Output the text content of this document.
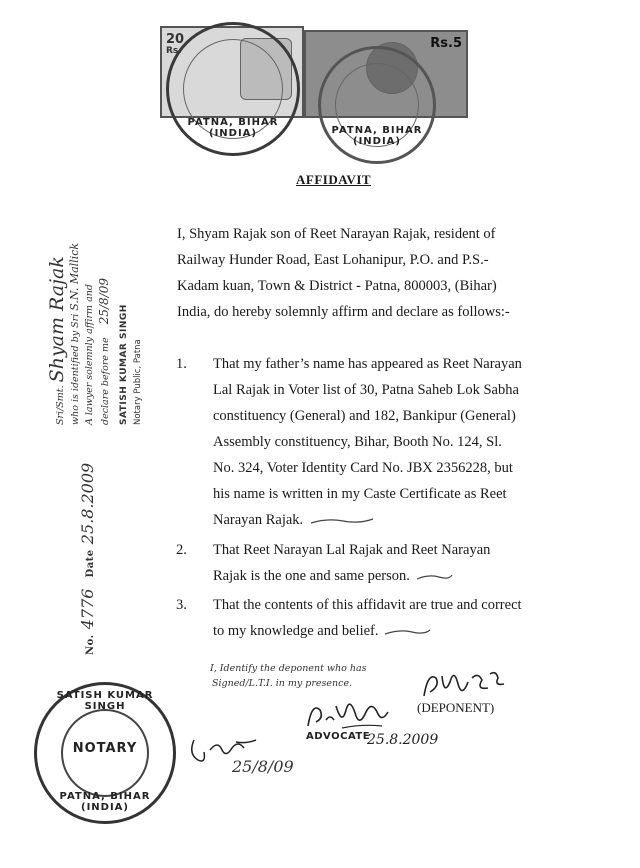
20
Rs.	Rs.5
PATNA, BIHAR (INDIA)	PATNA, BIHAR (INDIA)
AFFIDAVIT
I, Shyam Rajak son of Reet Narayan Rajak, resident of
Railway Hunder Road, East Lohanipur, P.O. and P.S.-
Kadam kuan, Town & District - Patna, 800003, (Bihar)
India, do hereby solemnly affirm and declare as follows:-
1. That my father’s name has appeared as Reet Narayan
Lal Rajak in Voter list of 30, Patna Saheb Lok Sabha
constituency (General) and 182, Bankipur (General)
Assembly constituency, Bihar, Booth No. 124, Sl.
No. 324, Voter Identity Card No. JBX 2356228, but
his name is written in my Caste Certificate as Reet
Narayan Rajak.
2. That Reet Narayan Lal Rajak and Reet Narayan
Rajak is the one and same person.
3. That the contents of this affidavit are true and correct
to my knowledge and belief.
Sri/Smt. Shyam Rajak who is identified by Sri S.N. Mallick
A lawyer solemnly affirm and declare before me 25/8/09
SATISH KUMAR SINGH Notary Public, Patna
No. 4776 Date 25.8.2009
I, Identify the deponent who has
Signed/L.T.I. in my presence.
ADVOCATE
25.8.2009
(DEPONENT)
SATISH KUMAR SINGH
NOTARY
PATNA, BIHAR (INDIA)
25/8/09
